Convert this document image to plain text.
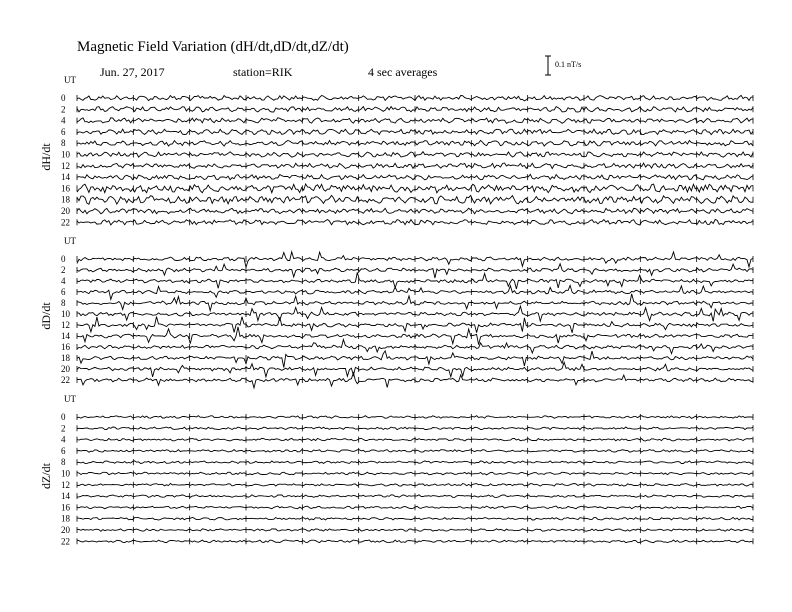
Magnetic Field Variation (dH/dt,dD/dt,dZ/dt)
Jun. 27, 2017	station=RIK	4 sec averages
0.1 nT/s
UT
dH/dt
0
2
4
6
8
10
12
14
16
18
20
22
UT
dD/dt
0
2
4
6
8
10
12
14
16
18
20
22
UT
dZ/dt
0
2
4
6
8
10
12
14
16
18
20
22
